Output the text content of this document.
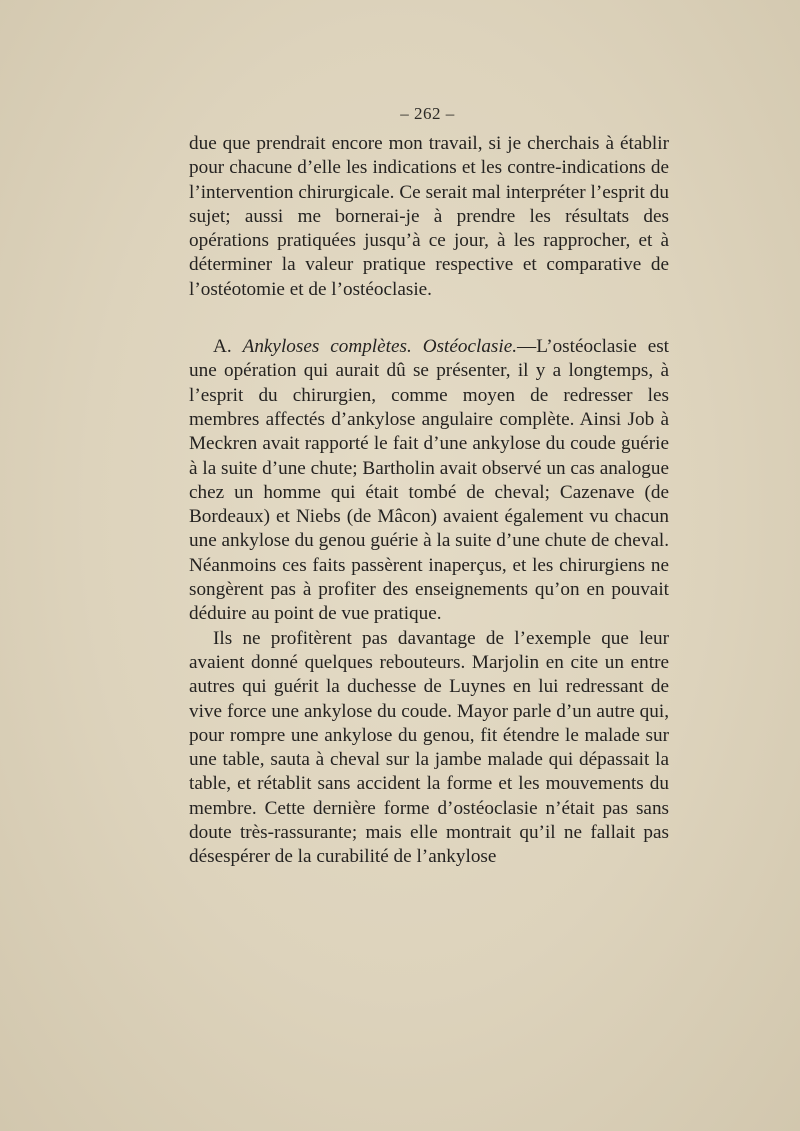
– 262 –

due que prendrait encore mon travail, si je cherchais à établir pour chacune d’elle les indications et les contre-indications de l’intervention chirurgicale. Ce serait mal interpréter l’esprit du sujet; aussi me bornerai-je à prendre les résultats des opérations pratiquées jusqu’à ce jour, à les rapprocher, et à déterminer la valeur pratique respective et comparative de l’ostéotomie et de l’ostéoclasie.

A. Ankyloses complètes. Ostéoclasie.—L’ostéoclasie est une opération qui aurait dû se présenter, il y a longtemps, à l’esprit du chirurgien, comme moyen de redresser les membres affectés d’ankylose angulaire complète. Ainsi Job à Meckren avait rapporté le fait d’une ankylose du coude guérie à la suite d’une chute; Bartholin avait observé un cas analogue chez un homme qui était tombé de cheval; Cazenave (de Bordeaux) et Niebs (de Mâcon) avaient également vu chacun une ankylose du genou guérie à la suite d’une chute de cheval. Néanmoins ces faits passèrent inaperçus, et les chirurgiens ne songèrent pas à profiter des enseignements qu’on en pouvait déduire au point de vue pratique.

Ils ne profitèrent pas davantage de l’exemple que leur avaient donné quelques rebouteurs. Marjolin en cite un entre autres qui guérit la duchesse de Luynes en lui redressant de vive force une ankylose du coude. Mayor parle d’un autre qui, pour rompre une ankylose du genou, fit étendre le malade sur une table, sauta à cheval sur la jambe malade qui dépassait la table, et rétablit sans accident la forme et les mouvements du membre. Cette dernière forme d’ostéoclasie n’était pas sans doute très-rassurante; mais elle montrait qu’il ne fallait pas désespérer de la curabilité de l’ankylose
